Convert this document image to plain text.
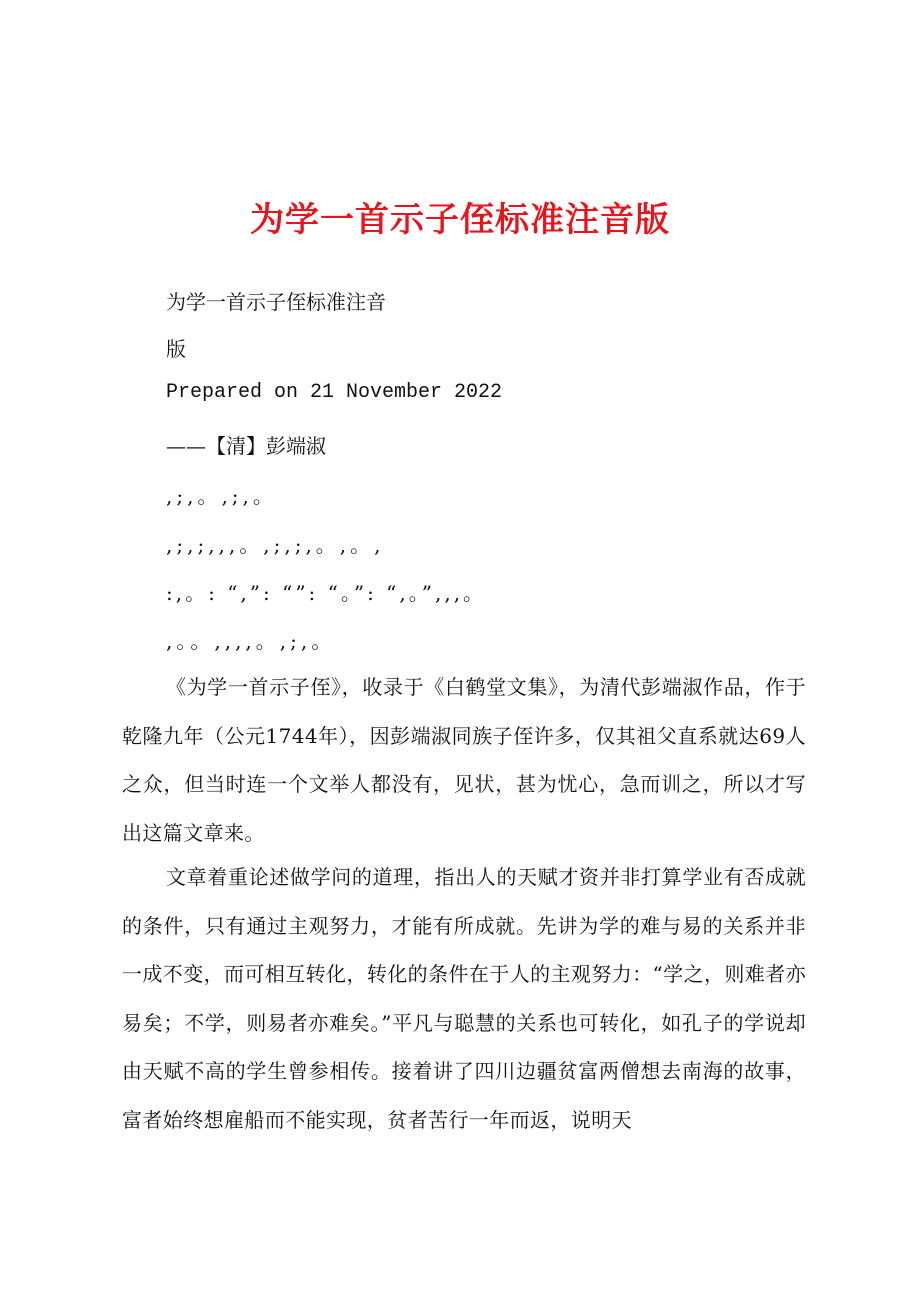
为学一首示子侄标准注音版
为学一首示子侄标准注音
版
Prepared on 21 November 2022
——【清】彭端淑
,;,。,;,。
,;,;,,,。,;,;,。,。,
:,。: “,”: “”: “。”: “,。”,,,。
,。。,,,,。,;,。
《为学一首示子侄》，收录于《白鹤堂文集》，为清代彭端淑作品，作于乾隆九年（公元1744年），因彭端淑同族子侄许多，仅其祖父直系就达69人之众，但当时连一个文举人都没有，见状，甚为忧心，急而训之，所以才写出这篇文章来。
文章着重论述做学问的道理，指出人的天赋才资并非打算学业有否成就的条件，只有通过主观努力，才能有所成就。先讲为学的难与易的关系并非一成不变，而可相互转化，转化的条件在于人的主观努力：“学之，则难者亦易矣；不学，则易者亦难矣。”平凡与聪慧的关系也可转化，如孔子的学说却由天赋不高的学生曾参相传。接着讲了四川边疆贫富两僧想去南海的故事，富者始终想雇船而不能实现，贫者苦行一年而返，说明天
